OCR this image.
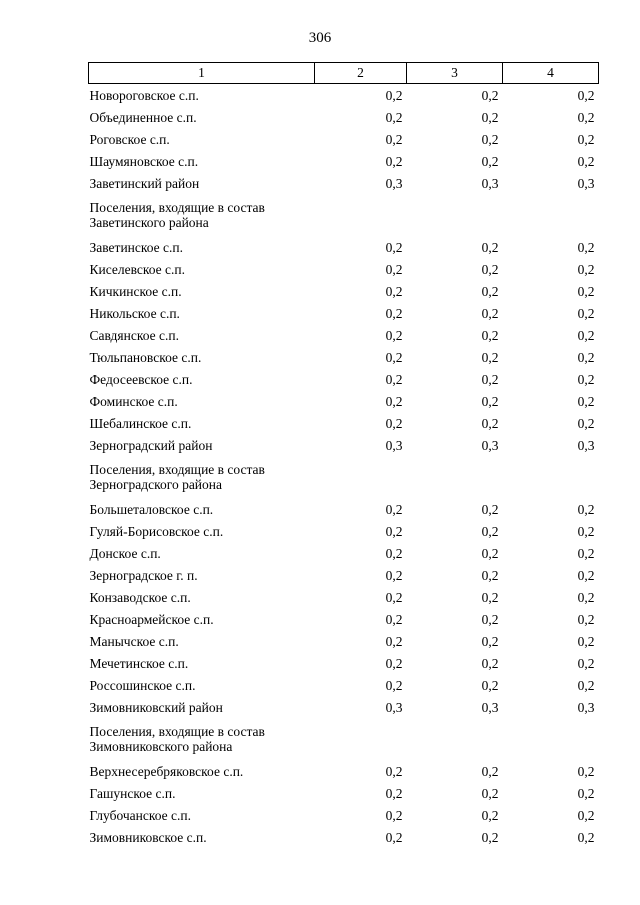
306
1	2	3	4
Новороговское с.п.	0,2	0,2	0,2
Объединенное с.п.	0,2	0,2	0,2
Роговское с.п.	0,2	0,2	0,2
Шаумяновское с.п.	0,2	0,2	0,2
Заветинский район	0,3	0,3	0,3
Поселения, входящие в состав Заветинского района			
Заветинское с.п.	0,2	0,2	0,2
Киселевское с.п.	0,2	0,2	0,2
Кичкинское с.п.	0,2	0,2	0,2
Никольское с.п.	0,2	0,2	0,2
Савдянское с.п.	0,2	0,2	0,2
Тюльпановское с.п.	0,2	0,2	0,2
Федосеевское с.п.	0,2	0,2	0,2
Фоминское с.п.	0,2	0,2	0,2
Шебалинское с.п.	0,2	0,2	0,2
Зерноградский район	0,3	0,3	0,3
Поселения, входящие в состав Зерноградского района			
Большеталовское с.п.	0,2	0,2	0,2
Гуляй-Борисовское с.п.	0,2	0,2	0,2
Донское с.п.	0,2	0,2	0,2
Зерноградское г. п.	0,2	0,2	0,2
Конзаводское с.п.	0,2	0,2	0,2
Красноармейское с.п.	0,2	0,2	0,2
Манычское с.п.	0,2	0,2	0,2
Мечетинское с.п.	0,2	0,2	0,2
Россошинское с.п.	0,2	0,2	0,2
Зимовниковский район	0,3	0,3	0,3
Поселения, входящие в состав Зимовниковского района			
Верхнесеребряковское с.п.	0,2	0,2	0,2
Гашунское с.п.	0,2	0,2	0,2
Глубочанское с.п.	0,2	0,2	0,2
Зимовниковское с.п.	0,2	0,2	0,2
